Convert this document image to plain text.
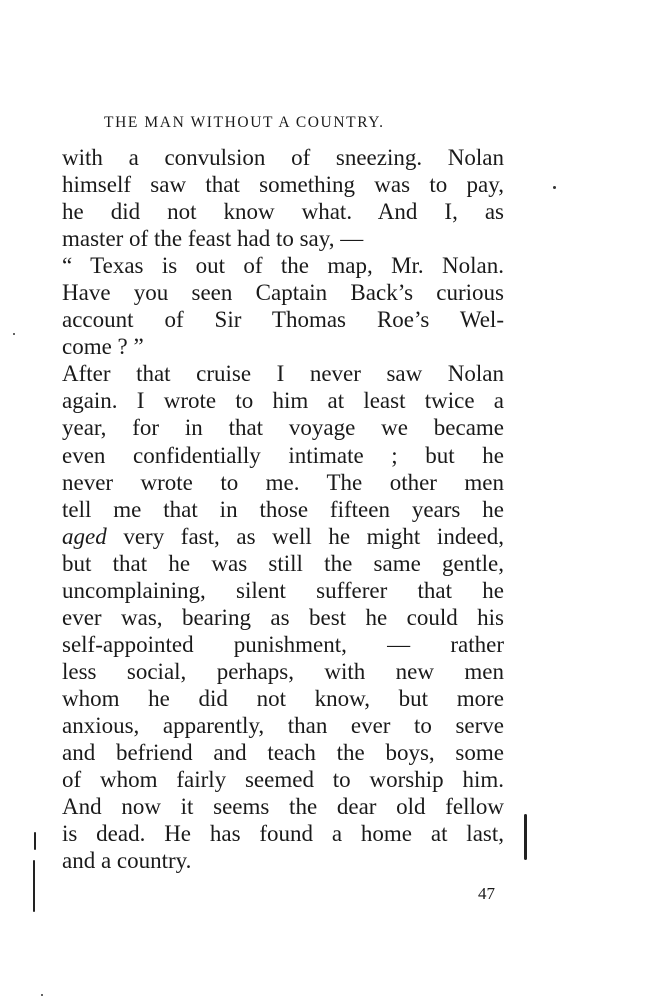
THE MAN WITHOUT A COUNTRY.
with a convulsion of sneezing. Nolan
himself saw that something was to pay,
he did not know what. And I, as
master of the feast had to say, —
“ Texas is out of the map, Mr. Nolan.
Have you seen Captain Back’s curious
account of Sir Thomas Roe’s Wel-
come ? ”
After that cruise I never saw Nolan
again. I wrote to him at least twice a
year, for in that voyage we became
even confidentially intimate ; but he
never wrote to me. The other men
tell me that in those fifteen years he
aged very fast, as well he might indeed,
but that he was still the same gentle,
uncomplaining, silent sufferer that he
ever was, bearing as best he could his
self-appointed punishment, — rather
less social, perhaps, with new men
whom he did not know, but more
anxious, apparently, than ever to serve
and befriend and teach the boys, some
of whom fairly seemed to worship him.
And now it seems the dear old fellow
is dead. He has found a home at last,
and a country.
47
